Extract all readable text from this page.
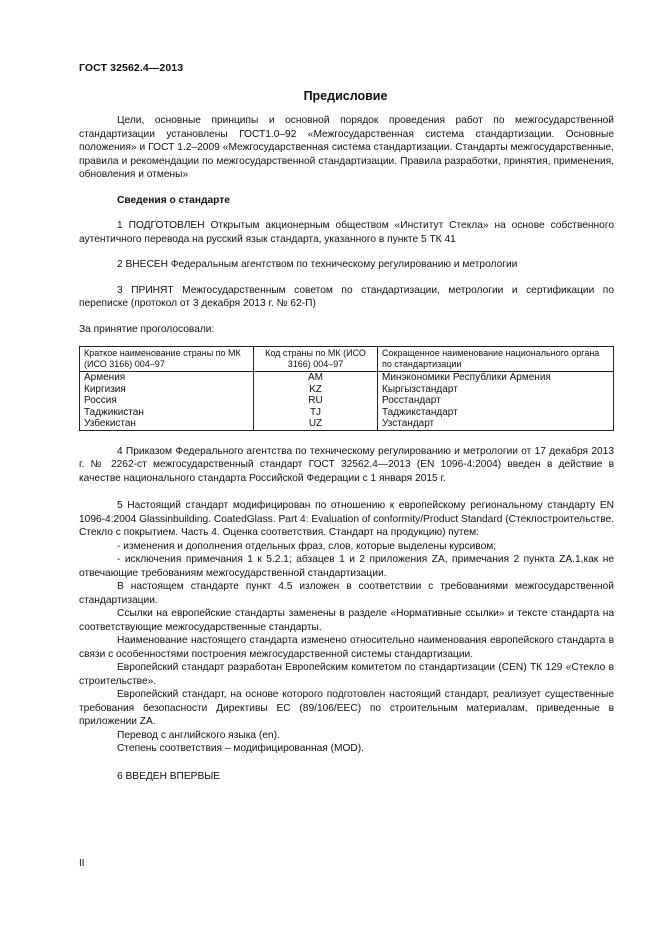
ГОСТ 32562.4—2013
Предисловие

Цели, основные принципы и основной порядок проведения работ по межгосударственной стандартизации установлены ГОСТ1.0–92 «Межгосударственная система стандартизации. Основные положения» и ГОСТ 1.2–2009 «Межгосударственная система стандартизации. Стандарты межгосударственные, правила и рекомендации по межгосударственной стандартизации. Правила разработки, принятия, применения, обновления и отмены»

Сведения о стандарте

1 ПОДГОТОВЛЕН Открытым акционерным обществом «Институт Стекла» на основе собственного аутентичного перевода на русский язык стандарта, указанного в пункте 5 ТК 41

2 ВНЕСЕН Федеральным агентством по техническому регулированию и метрологии

3 ПРИНЯТ Межгосударственным советом по стандартизации, метрологии и сертификации по переписке (протокол от 3 декабря 2013 г. № 62-П)

За принятие проголосовали:

Краткое наименование страны по МК (ИСО 3166) 004–97	Код страны по МК (ИСО 3166) 004–97	Сокращенное наименование национального органа по стандартизации
Армения	AM	Минэкономики Республики Армения
Киргизия	KZ	Кыргызстандарт
Россия	RU	Росстандарт
Таджикистан	TJ	Таджикстандарт
Узбекистан	UZ	Узстандарт

4 Приказом Федерального агентства по техническому регулированию и метрологии от 17 декабря 2013 г. № 2262-ст межгосударственный стандарт ГОСТ 32562.4—2013 (EN 1096-4:2004) введен в действие в качестве национального стандарта Российской Федерации с 1 января 2015 г.

5 Настоящий стандарт модифицирован по отношению к европейскому региональному стандарту EN 1096-4:2004 Glassinbuilding. CoatedGlass. Part 4: Evaluation of conformity/Product Standard (Стеклостроительстве. Стекло с покрытием. Часть 4. Оценка соответствия. Стандарт на продукцию) путем:

- изменения и дополнения отдельных фраз, слов, которые выделены курсивом;

- исключения примечания 1 к 5.2.1; абзацев 1 и 2 приложения ZA, примечания 2 пункта ZA.1,как не отвечающие требованиям межгосударственной стандартизации.

В настоящем стандарте пункт 4.5 изложен в соответствии с требованиями межгосударственной стандартизации.

Ссылки на европейские стандарты заменены в разделе «Нормативные ссылки» и тексте стандарта на соответствующие межгосударственные стандарты.

Наименование настоящего стандарта изменено относительно наименования европейского стандарта в связи с особенностями построения межгосударственной системы стандартизации.

Европейский стандарт разработан Европейским комитетом по стандартизации (CEN) ТК 129 «Стекло в строительстве».

Европейский стандарт, на основе которого подготовлен настоящий стандарт, реализует существенные требования безопасности Директивы ЕС (89/106/EEC) по строительным материалам, приведенные в приложении ZA.

Перевод с английского языка (en).

Степень соответствия – модифицированная (MOD).

6 ВВЕДЕН ВПЕРВЫЕ

II
